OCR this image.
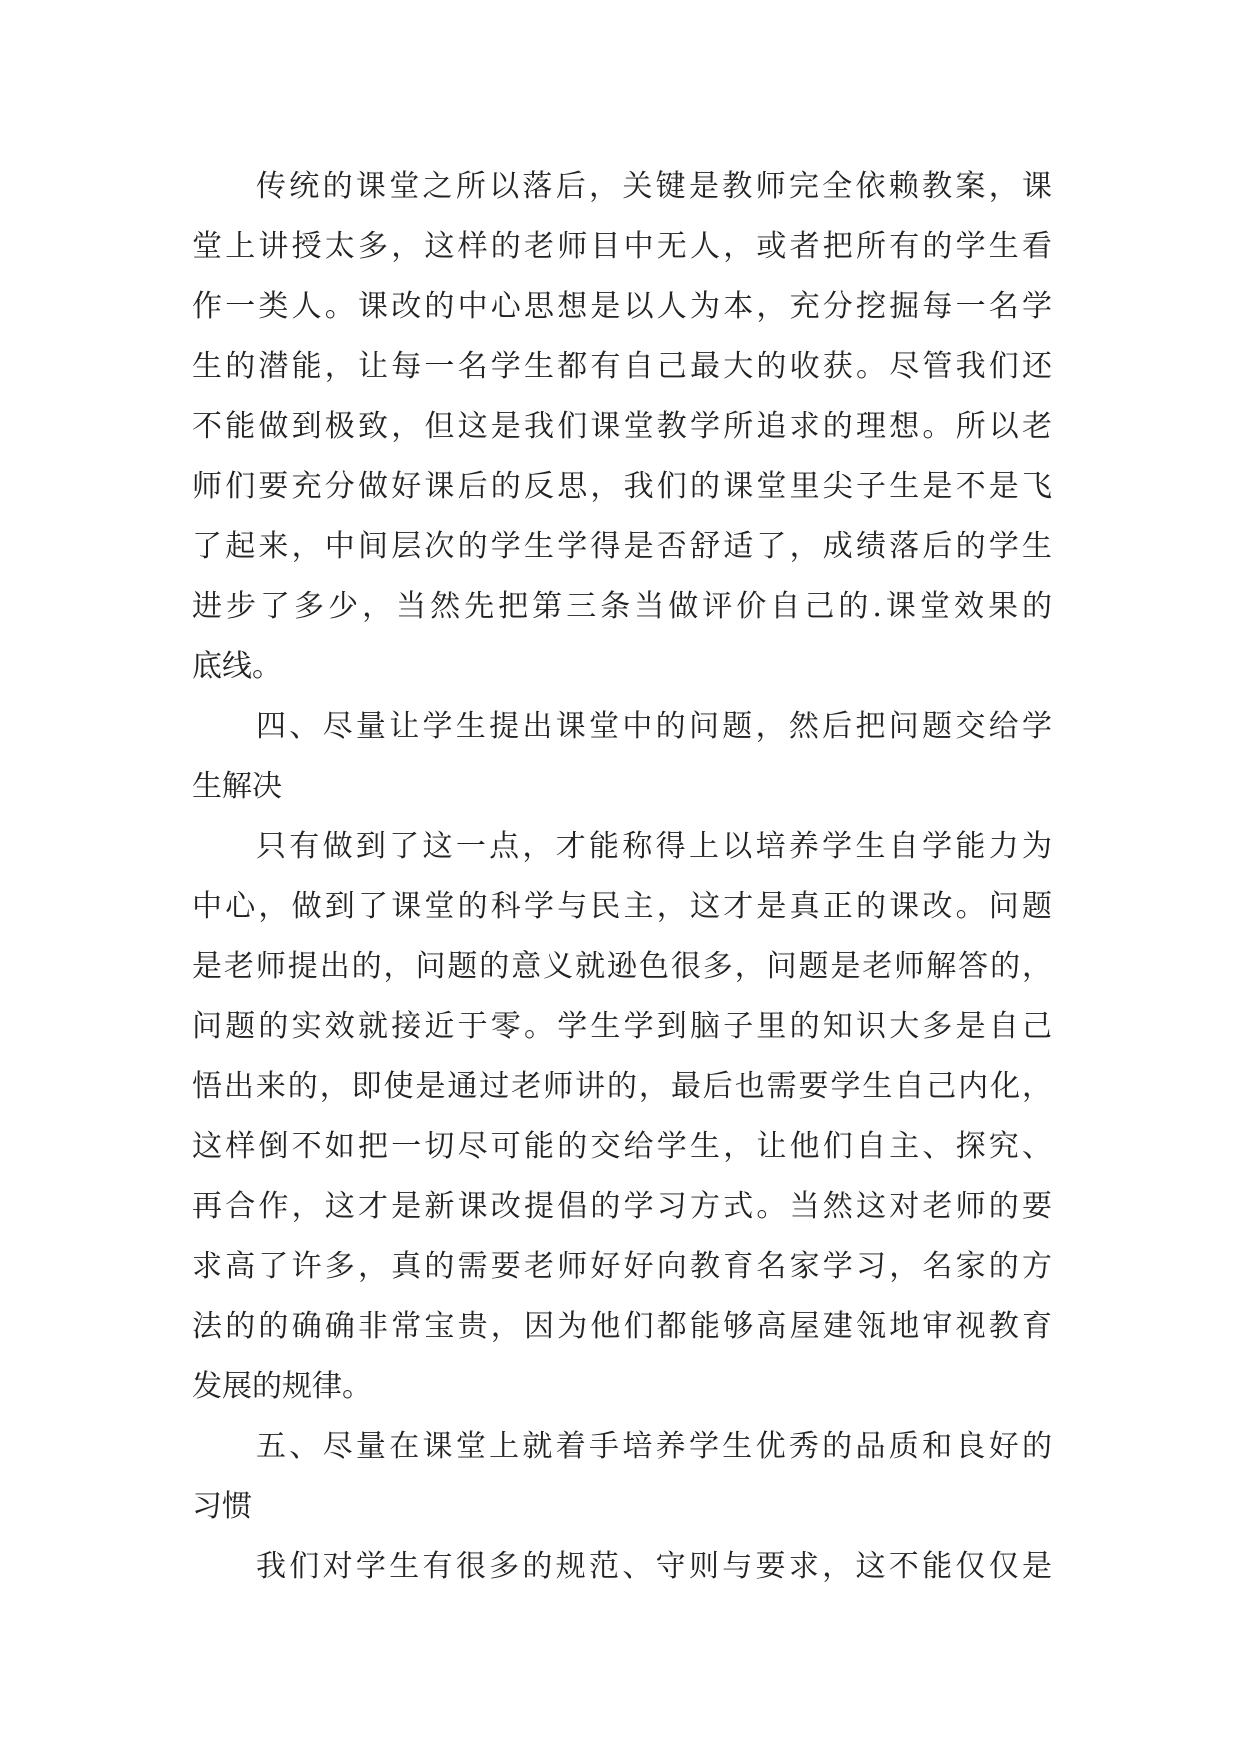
传统的课堂之所以落后，关键是教师完全依赖教案，课
堂上讲授太多，这样的老师目中无人，或者把所有的学生看
作一类人。课改的中心思想是以人为本，充分挖掘每一名学
生的潜能，让每一名学生都有自己最大的收获。尽管我们还
不能做到极致，但这是我们课堂教学所追求的理想。所以老
师们要充分做好课后的反思，我们的课堂里尖子生是不是飞
了起来，中间层次的学生学得是否舒适了，成绩落后的学生
进步了多少，当然先把第三条当做评价自己的.课堂效果的
底线。
四、尽量让学生提出课堂中的问题，然后把问题交给学
生解决
只有做到了这一点，才能称得上以培养学生自学能力为
中心，做到了课堂的科学与民主，这才是真正的课改。问题
是老师提出的，问题的意义就逊色很多，问题是老师解答的，
问题的实效就接近于零。学生学到脑子里的知识大多是自己
悟出来的，即使是通过老师讲的，最后也需要学生自己内化，
这样倒不如把一切尽可能的交给学生，让他们自主、探究、
再合作，这才是新课改提倡的学习方式。当然这对老师的要
求高了许多，真的需要老师好好向教育名家学习，名家的方
法的的确确非常宝贵，因为他们都能够高屋建瓴地审视教育
发展的规律。
五、尽量在课堂上就着手培养学生优秀的品质和良好的
习惯
我们对学生有很多的规范、守则与要求，这不能仅仅是
